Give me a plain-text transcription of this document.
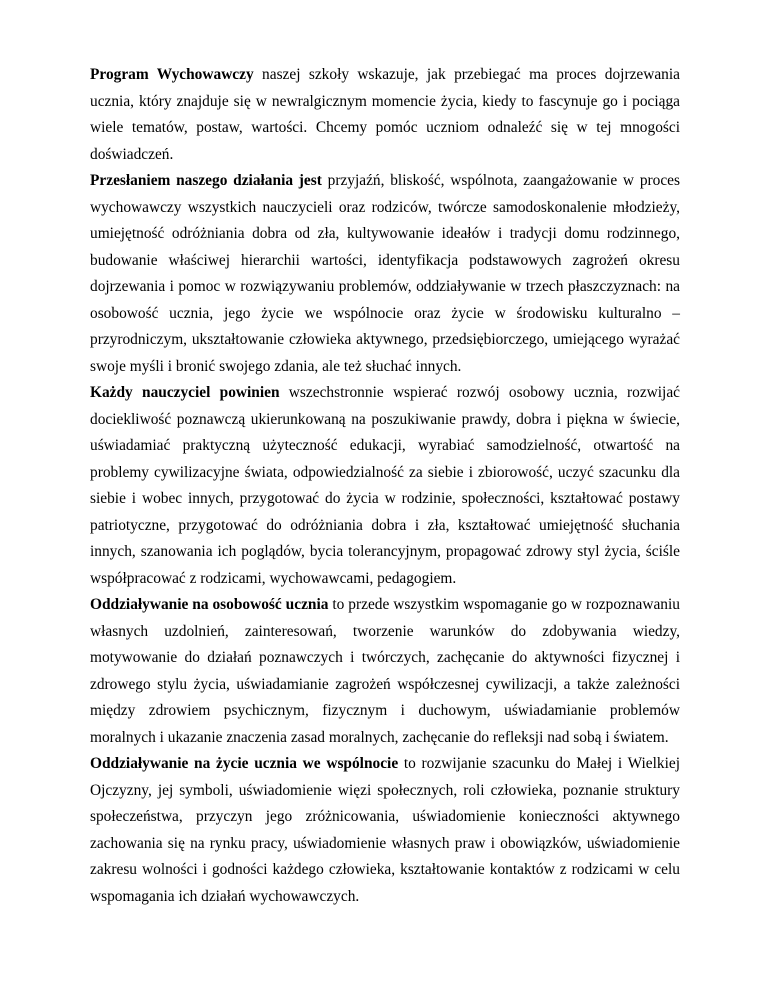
Program Wychowawczy naszej szkoły wskazuje, jak przebiegać ma proces dojrzewania ucznia, który znajduje się w newralgicznym momencie życia, kiedy to fascynuje go i pociąga wiele tematów, postaw, wartości. Chcemy pomóc uczniom odnaleźć się w tej mnogości doświadczeń.

Przesłaniem naszego działania jest przyjaźń, bliskość, wspólnota, zaangażowanie w proces wychowawczy wszystkich nauczycieli oraz rodziców, twórcze samodoskonalenie młodzieży, umiejętność odróżniania dobra od zła, kultywowanie ideałów i tradycji domu rodzinnego, budowanie właściwej hierarchii wartości, identyfikacja podstawowych zagrożeń okresu dojrzewania i pomoc w rozwiązywaniu problemów, oddziaływanie w trzech płaszczyznach: na osobowość ucznia, jego życie we wspólnocie oraz życie w środowisku kulturalno – przyrodniczym, ukształtowanie człowieka aktywnego, przedsiębiorczego, umiejącego wyrażać swoje myśli i bronić swojego zdania, ale też słuchać innych.

Każdy nauczyciel powinien wszechstronnie wspierać rozwój osobowy ucznia, rozwijać dociekliwość poznawczą ukierunkowaną na poszukiwanie prawdy, dobra i piękna w świecie, uświadamiać praktyczną użyteczność edukacji, wyrabiać samodzielność, otwartość na problemy cywilizacyjne świata, odpowiedzialność za siebie i zbiorowość, uczyć szacunku dla siebie i wobec innych, przygotować do życia w rodzinie, społeczności, kształtować postawy patriotyczne, przygotować do odróżniania dobra i zła, kształtować umiejętność słuchania innych, szanowania ich poglądów, bycia tolerancyjnym, propagować zdrowy styl życia, ściśle współpracować z rodzicami, wychowawcami, pedagogiem.

Oddziaływanie na osobowość ucznia to przede wszystkim wspomaganie go w rozpoznawaniu własnych uzdolnień, zainteresowań, tworzenie warunków do zdobywania wiedzy, motywowanie do działań poznawczych i twórczych, zachęcanie do aktywności fizycznej i zdrowego stylu życia, uświadamianie zagrożeń współczesnej cywilizacji, a także zależności między zdrowiem psychicznym, fizycznym i duchowym, uświadamianie problemów moralnych i ukazanie znaczenia zasad moralnych, zachęcanie do refleksji nad sobą i światem.

Oddziaływanie na życie ucznia we wspólnocie to rozwijanie szacunku do Małej i Wielkiej Ojczyzny, jej symboli, uświadomienie więzi społecznych, roli człowieka, poznanie struktury społeczeństwa, przyczyn jego zróżnicowania, uświadomienie konieczności aktywnego zachowania się na rynku pracy, uświadomienie własnych praw i obowiązków, uświadomienie zakresu wolności i godności każdego człowieka, kształtowanie kontaktów z rodzicami w celu wspomagania ich działań wychowawczych.
